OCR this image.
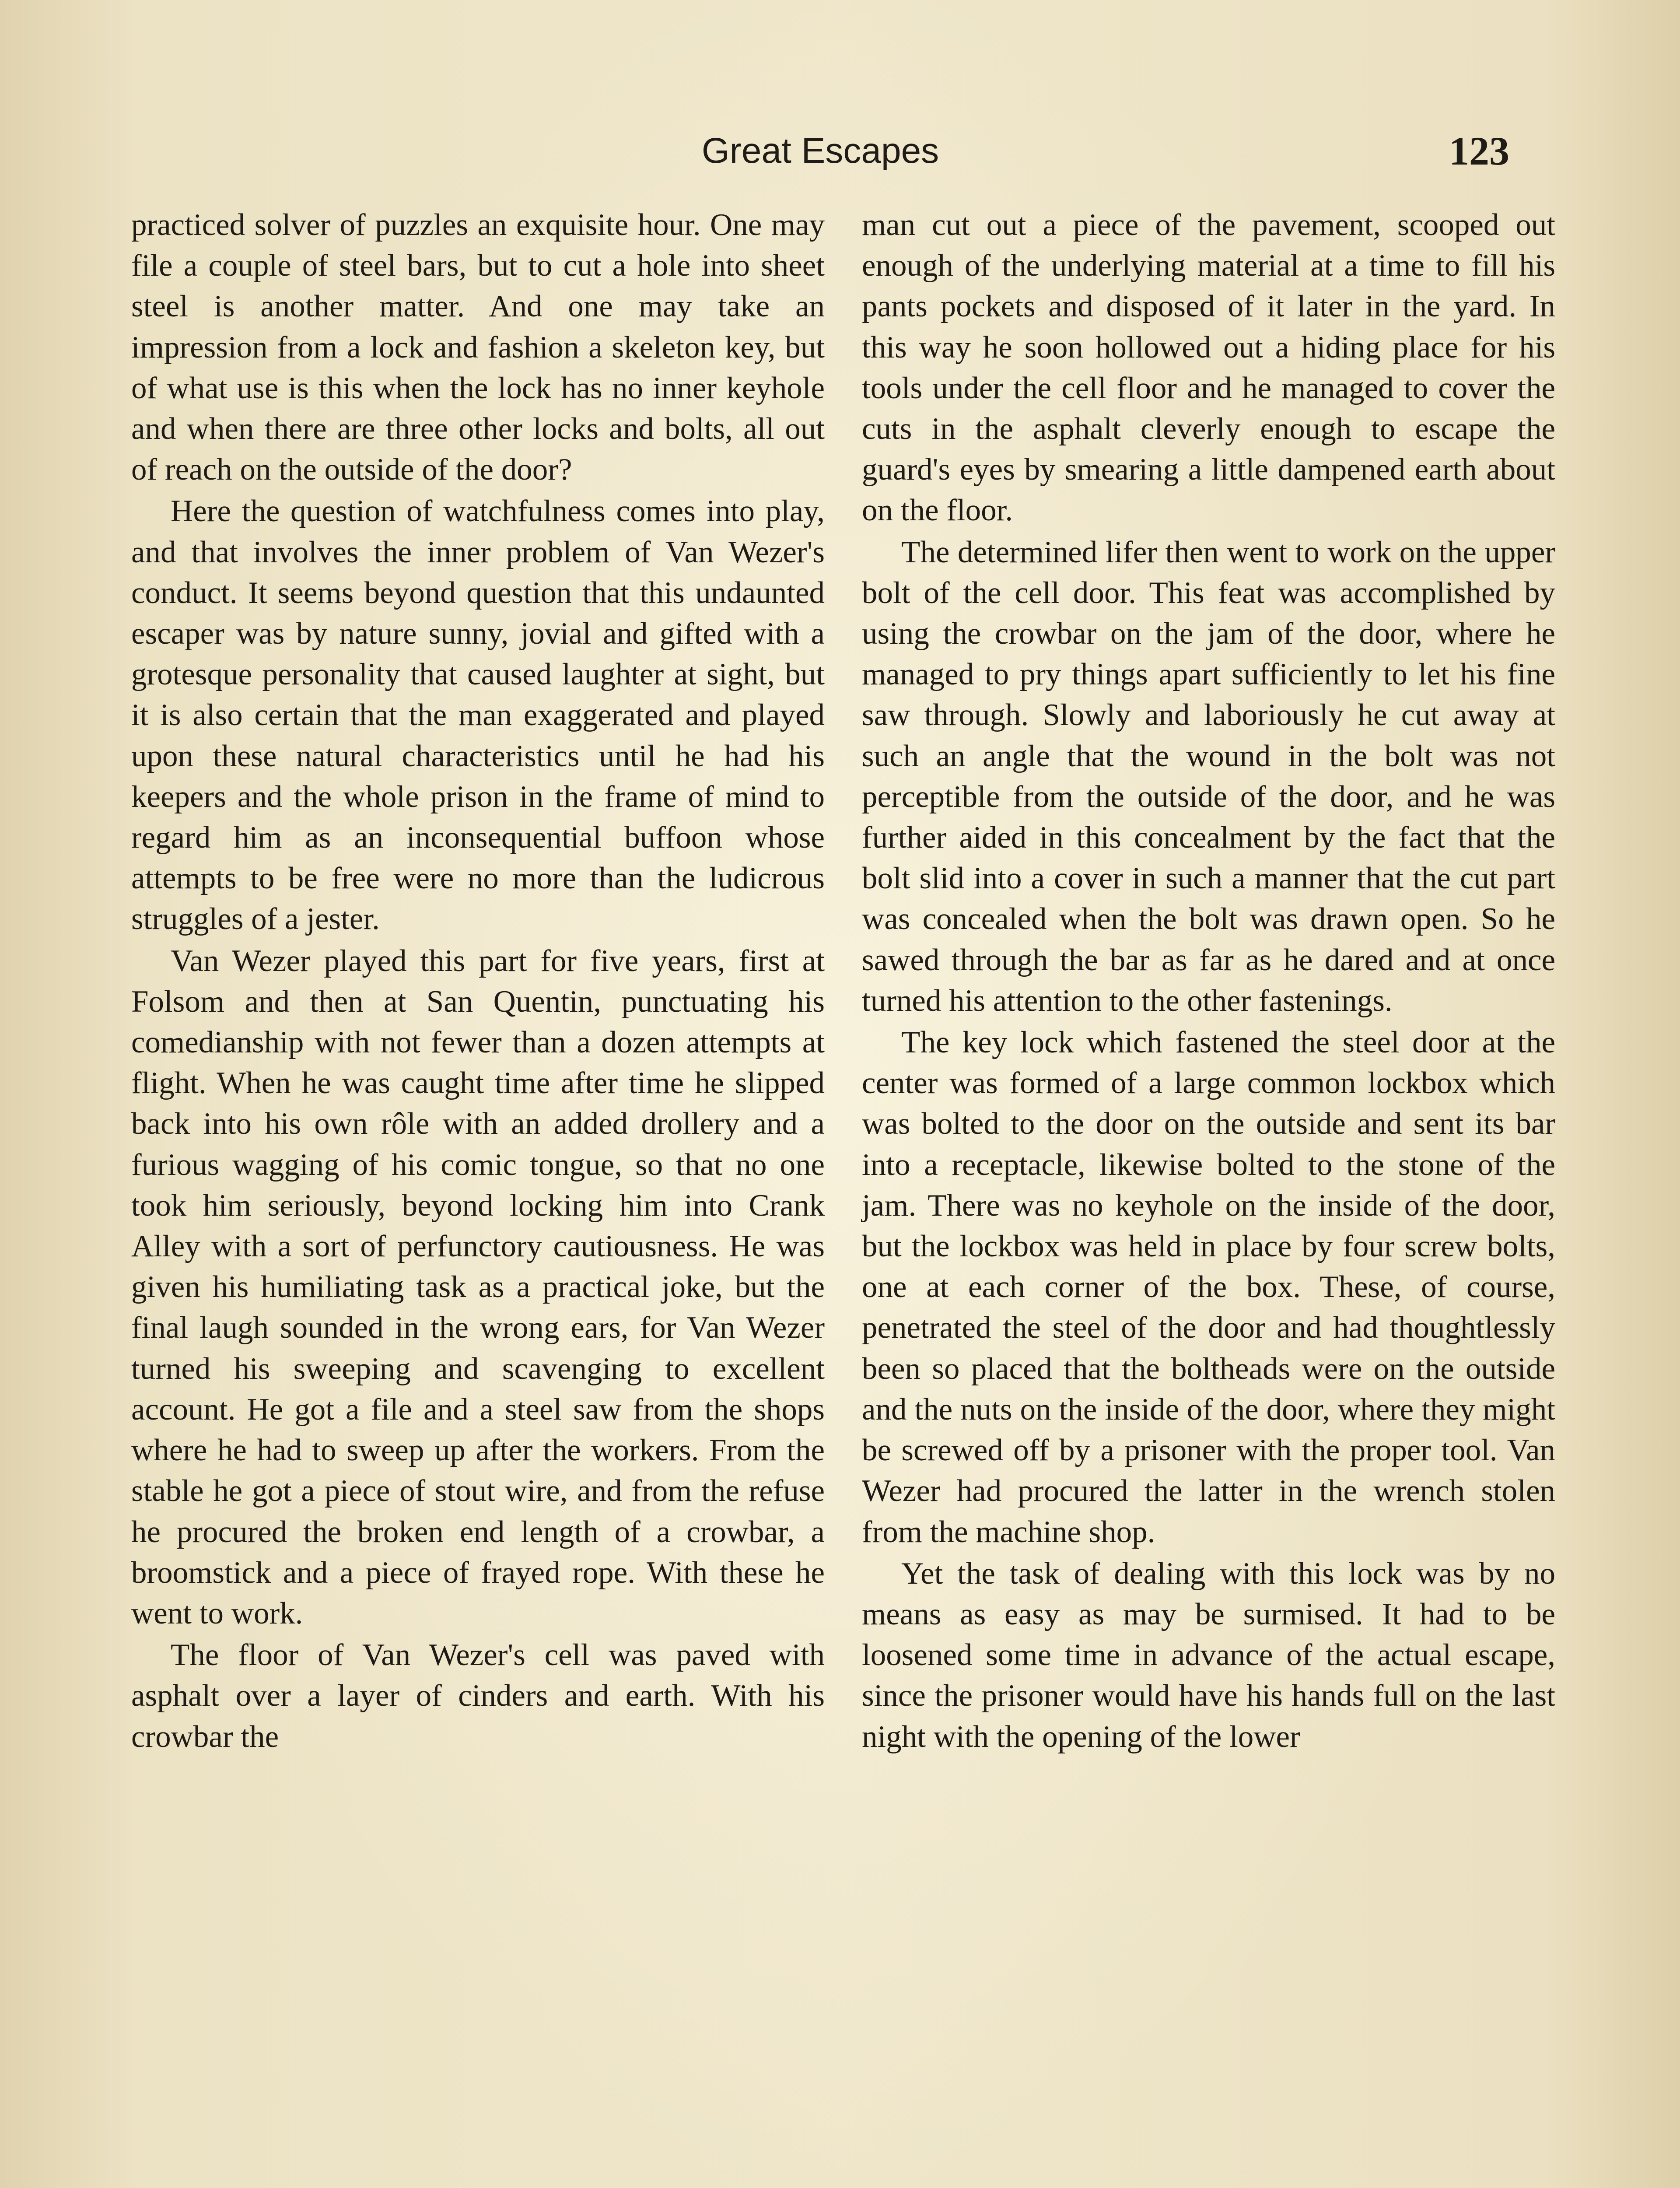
Great Escapes	123

practiced solver of puzzles an exquisite hour. One may file a couple of steel bars, but to cut a hole into sheet steel is another matter. And one may take an impression from a lock and fashion a skeleton key, but of what use is this when the lock has no inner keyhole and when there are three other locks and bolts, all out of reach on the outside of the door?

Here the question of watchfulness comes into play, and that involves the inner problem of Van Wezer's conduct. It seems beyond question that this undaunted escaper was by nature sunny, jovial and gifted with a grotesque personality that caused laughter at sight, but it is also certain that the man exaggerated and played upon these natural characteristics until he had his keepers and the whole prison in the frame of mind to regard him as an inconsequential buffoon whose attempts to be free were no more than the ludicrous struggles of a jester.

Van Wezer played this part for five years, first at Folsom and then at San Quentin, punctuating his comedianship with not fewer than a dozen attempts at flight. When he was caught time after time he slipped back into his own rôle with an added drollery and a furious wagging of his comic tongue, so that no one took him seriously, beyond locking him into Crank Alley with a sort of perfunctory cautiousness. He was given his humiliating task as a practical joke, but the final laugh sounded in the wrong ears, for Van Wezer turned his sweeping and scavenging to excellent account. He got a file and a steel saw from the shops where he had to sweep up after the workers. From the stable he got a piece of stout wire, and from the refuse he procured the broken end length of a crowbar, a broomstick and a piece of frayed rope. With these he went to work.

The floor of Van Wezer's cell was paved with asphalt over a layer of cinders and earth. With his crowbar the

man cut out a piece of the pavement, scooped out enough of the underlying material at a time to fill his pants pockets and disposed of it later in the yard. In this way he soon hollowed out a hiding place for his tools under the cell floor and he managed to cover the cuts in the asphalt cleverly enough to escape the guard's eyes by smearing a little dampened earth about on the floor.

The determined lifer then went to work on the upper bolt of the cell door. This feat was accomplished by using the crowbar on the jam of the door, where he managed to pry things apart sufficiently to let his fine saw through. Slowly and laboriously he cut away at such an angle that the wound in the bolt was not perceptible from the outside of the door, and he was further aided in this concealment by the fact that the bolt slid into a cover in such a manner that the cut part was concealed when the bolt was drawn open. So he sawed through the bar as far as he dared and at once turned his attention to the other fastenings.

The key lock which fastened the steel door at the center was formed of a large common lockbox which was bolted to the door on the outside and sent its bar into a receptacle, likewise bolted to the stone of the jam. There was no keyhole on the inside of the door, but the lockbox was held in place by four screw bolts, one at each corner of the box. These, of course, penetrated the steel of the door and had thoughtlessly been so placed that the boltheads were on the outside and the nuts on the inside of the door, where they might be screwed off by a prisoner with the proper tool. Van Wezer had procured the latter in the wrench stolen from the machine shop.

Yet the task of dealing with this lock was by no means as easy as may be surmised. It had to be loosened some time in advance of the actual escape, since the prisoner would have his hands full on the last night with the opening of the lower
